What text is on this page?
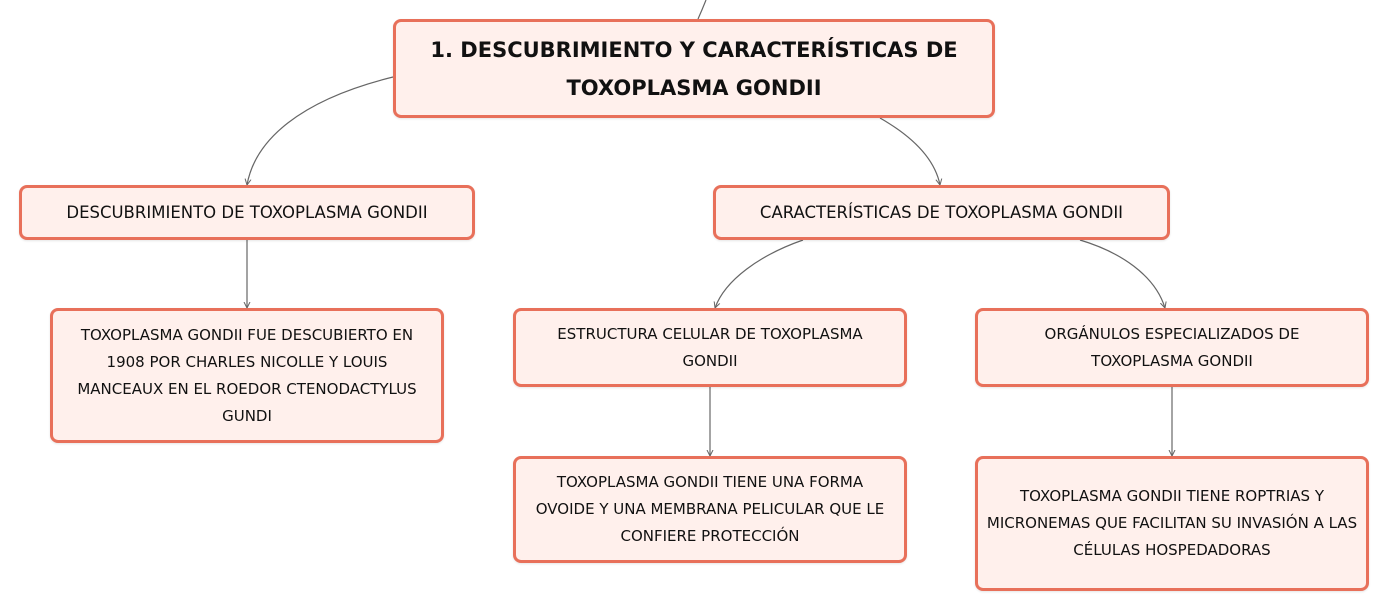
1. DESCUBRIMIENTO Y CARACTERÍSTICAS DE TOXOPLASMA GONDII
DESCUBRIMIENTO DE TOXOPLASMA GONDII	CARACTERÍSTICAS DE TOXOPLASMA GONDII
TOXOPLASMA GONDII FUE DESCUBIERTO EN 1908 POR CHARLES NICOLLE Y LOUIS MANCEAUX EN EL ROEDOR CTENODACTYLUS GUNDI
ESTRUCTURA CELULAR DE TOXOPLASMA GONDII
ORGÁNULOS ESPECIALIZADOS DE TOXOPLASMA GONDII
TOXOPLASMA GONDII TIENE UNA FORMA OVOIDE Y UNA MEMBRANA PELICULAR QUE LE CONFIERE PROTECCIÓN
TOXOPLASMA GONDII TIENE ROPTRIAS Y MICRONEMAS QUE FACILITAN SU INVASIÓN A LAS CÉLULAS HOSPEDADORAS
